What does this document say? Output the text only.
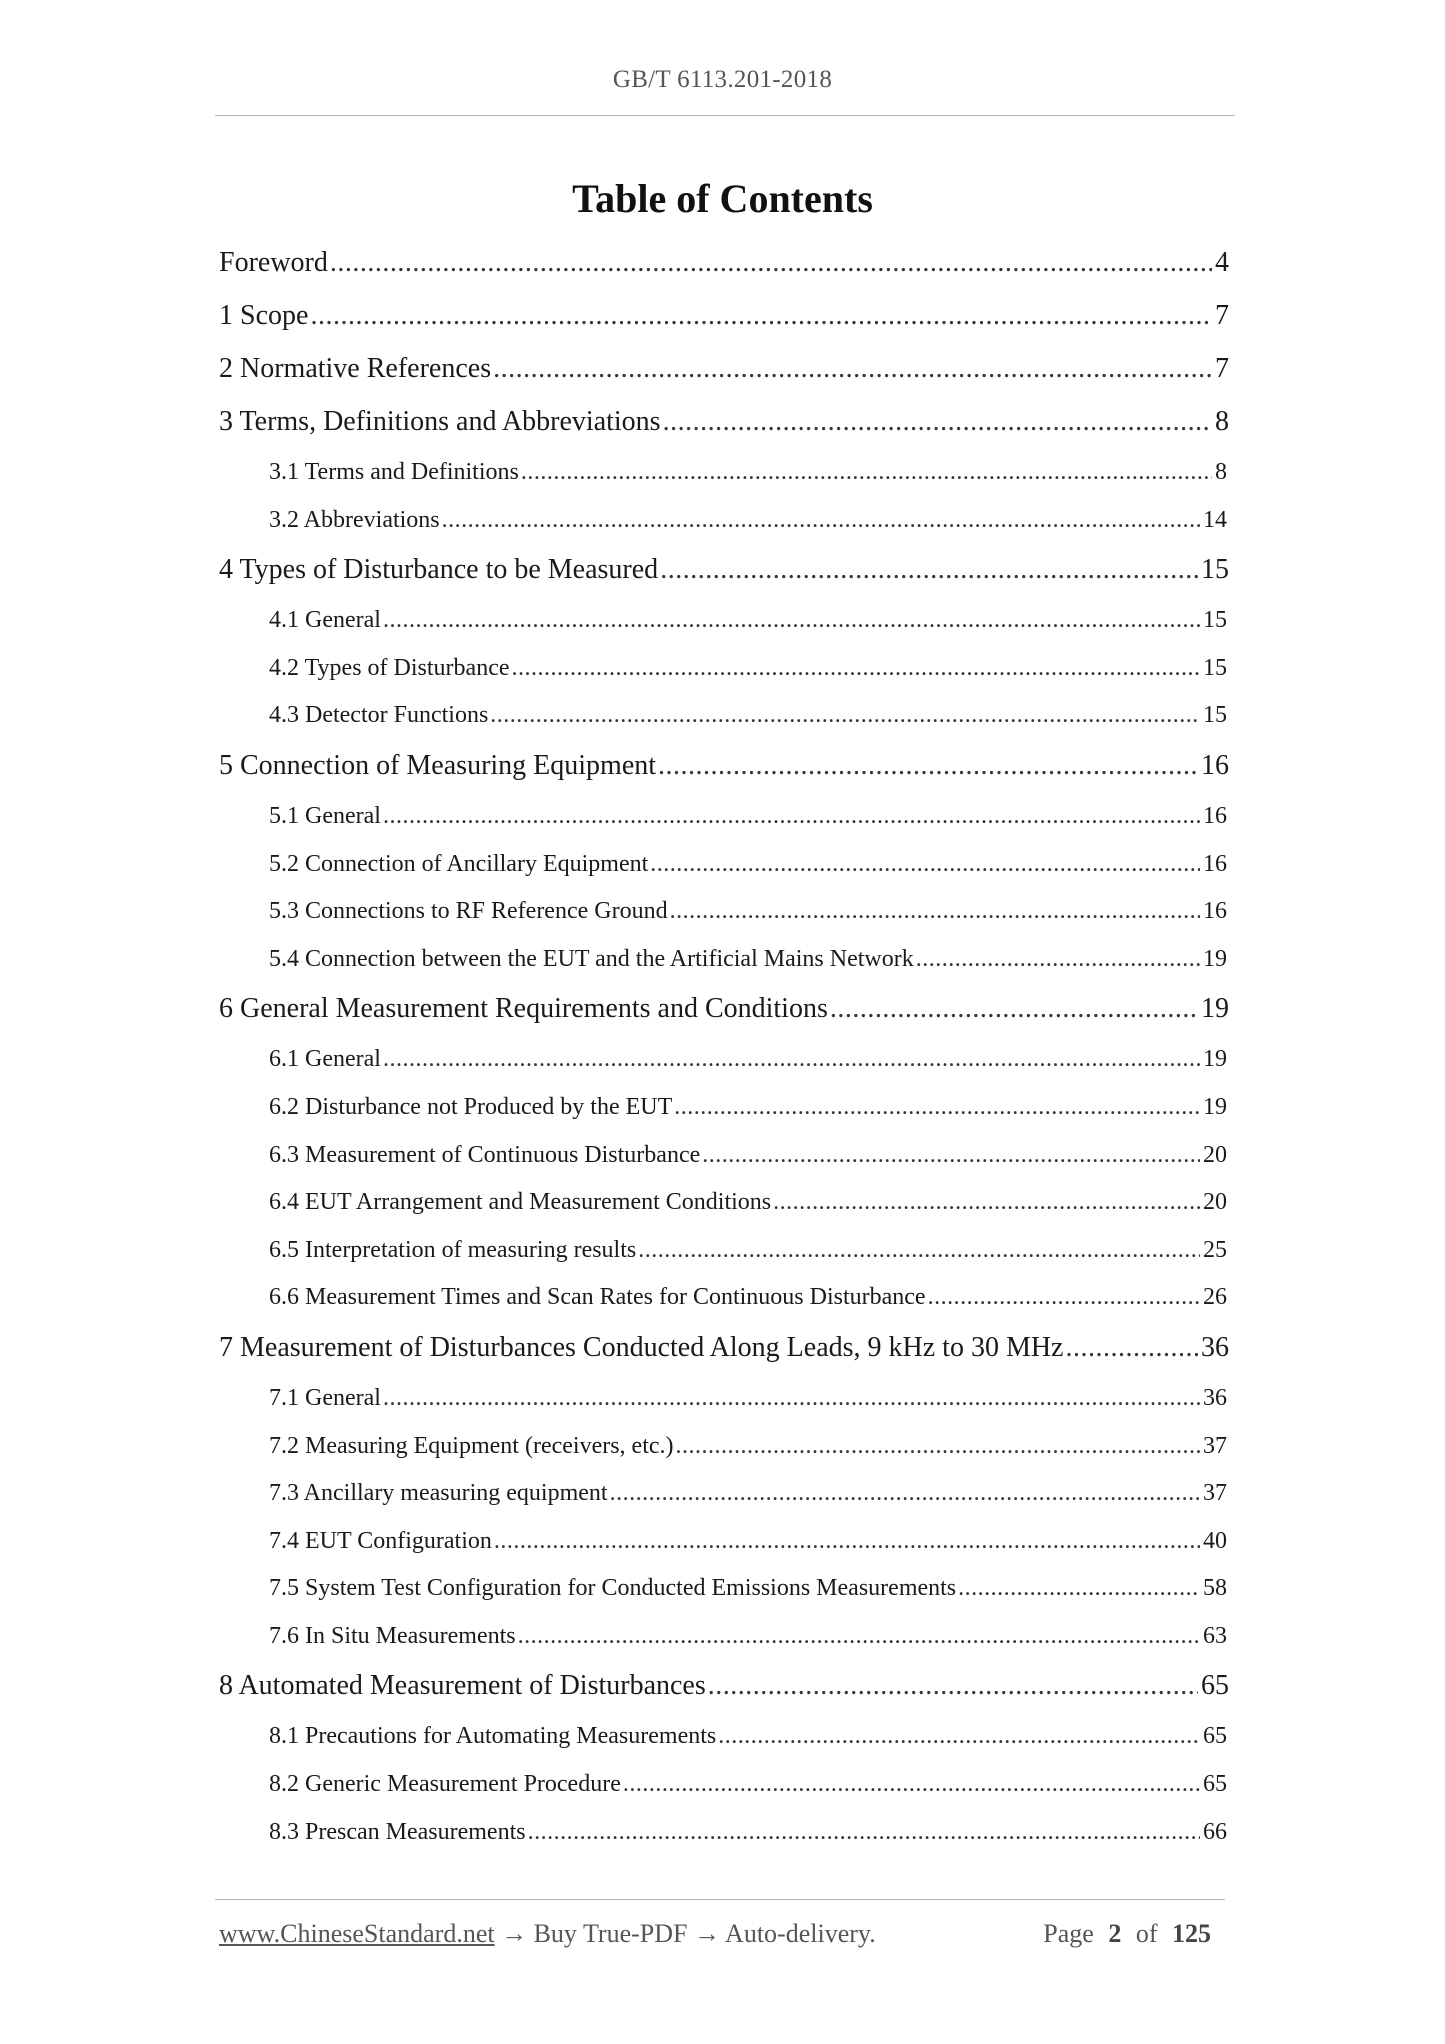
GB/T 6113.201-2018
Table of Contents
Foreword .....	4
1 Scope .....	7
2 Normative References .....	7
3 Terms, Definitions and Abbreviations .....	8
3.1 Terms and Definitions .....	8
3.2 Abbreviations .....	14
4 Types of Disturbance to be Measured .....	15
4.1 General .....	15
4.2 Types of Disturbance .....	15
4.3 Detector Functions .....	15
5 Connection of Measuring Equipment .....	16
5.1 General .....	16
5.2 Connection of Ancillary Equipment .....	16
5.3 Connections to RF Reference Ground .....	16
5.4 Connection between the EUT and the Artificial Mains Network .....	19
6 General Measurement Requirements and Conditions .....	19
6.1 General .....	19
6.2 Disturbance not Produced by the EUT .....	19
6.3 Measurement of Continuous Disturbance .....	20
6.4 EUT Arrangement and Measurement Conditions .....	20
6.5 Interpretation of measuring results .....	25
6.6 Measurement Times and Scan Rates for Continuous Disturbance .....	26
7 Measurement of Disturbances Conducted Along Leads, 9 kHz to 30 MHz .....	36
7.1 General .....	36
7.2 Measuring Equipment (receivers, etc.) .....	37
7.3 Ancillary measuring equipment .....	37
7.4 EUT Configuration .....	40
7.5 System Test Configuration for Conducted Emissions Measurements .....	58
7.6 In Situ Measurements .....	63
8 Automated Measurement of Disturbances .....	65
8.1 Precautions for Automating Measurements .....	65
8.2 Generic Measurement Procedure .....	65
8.3 Prescan Measurements .....	66
www.ChineseStandard.net → Buy True-PDF → Auto-delivery.	Page 2 of 125
